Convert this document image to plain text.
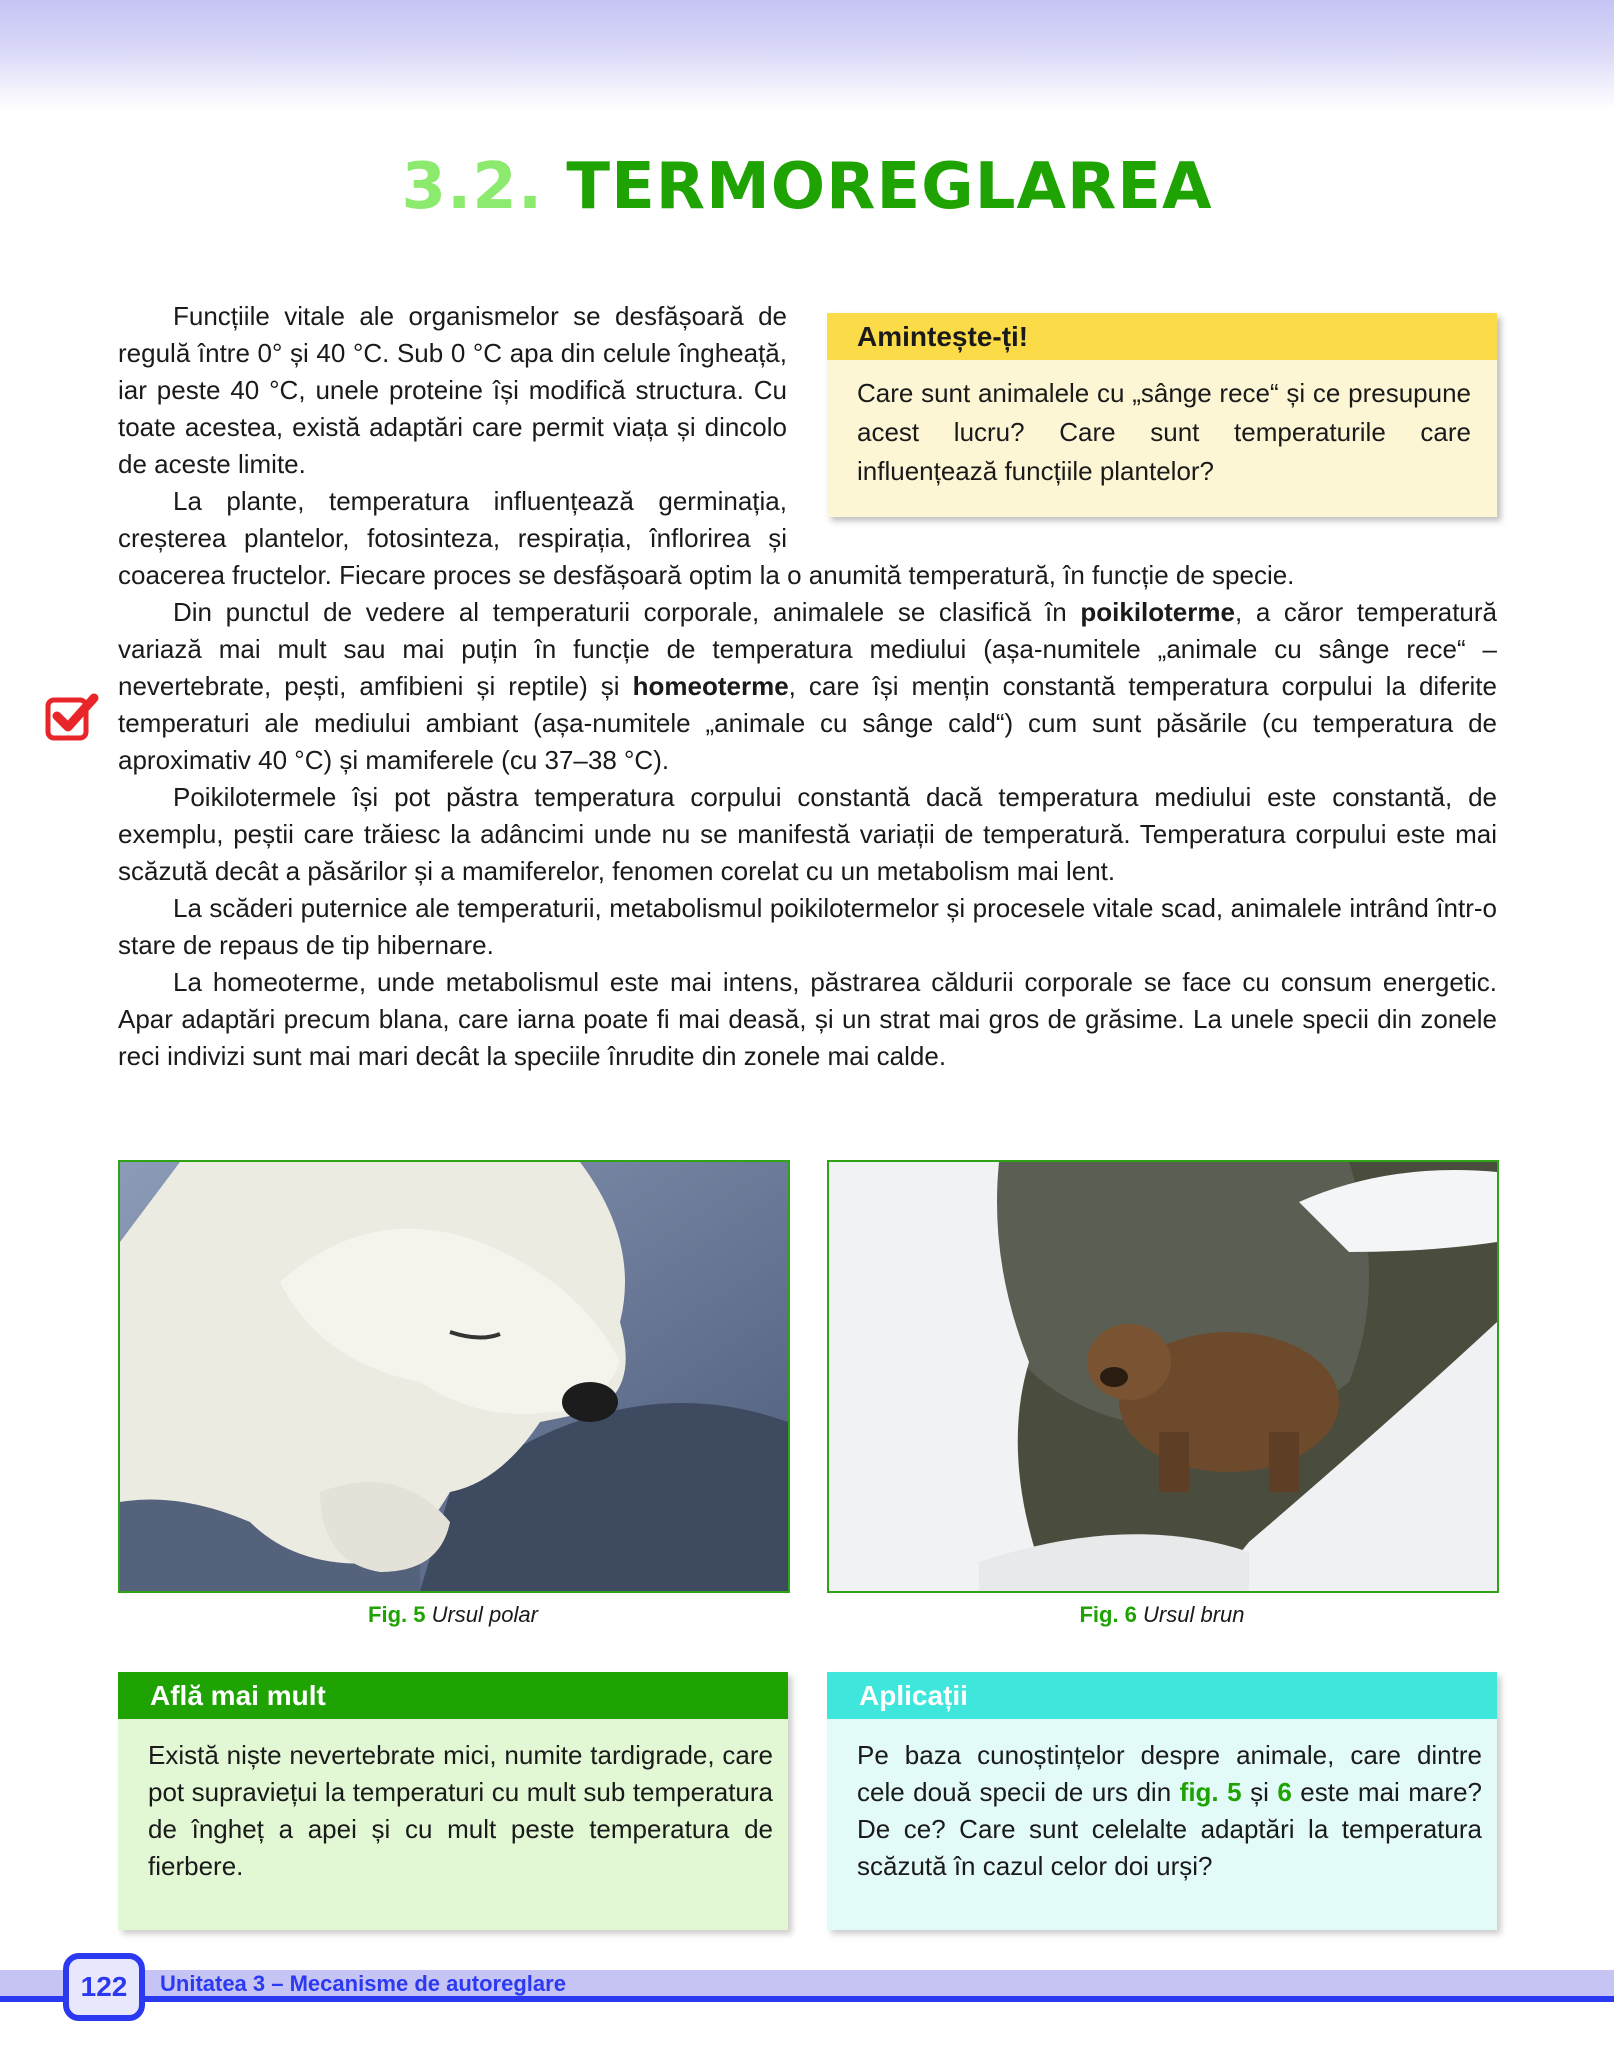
3.2. TERMOREGLAREA
Amintește-ți!
Care sunt animalele cu „sânge rece“ și ce presupune acest lucru? Care sunt temperaturile care influențează funcțiile plantelor?

Funcțiile vitale ale organismelor se desfășoară de regulă între 0° și 40 °C. Sub 0 °C apa din celule îngheață, iar peste 40 °C, unele proteine își modifică structura. Cu toate acestea, există adaptări care permit viața și dincolo de aceste limite.

La plante, temperatura influențează germinația, creșterea plantelor, fotosinteza, respirația, înflorirea și coacerea fructelor. Fiecare proces se desfășoară optim la o anumită temperatură, în funcție de specie.

Din punctul de vedere al temperaturii corporale, animalele se clasifică în poikiloterme, a căror temperatură variază mai mult sau mai puțin în funcție de temperatura mediului (așa-numitele „animale cu sânge rece“ – nevertebrate, pești, amfibieni și reptile) și homeoterme, care își mențin constantă temperatura corpului la diferite temperaturi ale mediului ambiant (așa-numitele „animale cu sânge cald“) cum sunt păsările (cu temperatura de aproximativ 40 °C) și mamiferele (cu 37–38 °C).

Poikilotermele își pot păstra temperatura corpului constantă dacă temperatura mediului este constantă, de exemplu, peștii care trăiesc la adâncimi unde nu se manifestă variații de temperatură. Temperatura corpului este mai scăzută decât a păsărilor și a mamiferelor, fenomen corelat cu un metabolism mai lent.

La scăderi puternice ale temperaturii, metabolismul poikilotermelor și procesele vitale scad, animalele intrând într-o stare de repaus de tip hibernare.

La homeoterme, unde metabolismul este mai intens, păstrarea căldurii corporale se face cu consum energetic. Apar adaptări precum blana, care iarna poate fi mai deasă, și un strat mai gros de grăsime. La unele specii din zonele reci indivizi sunt mai mari decât la speciile înrudite din zonele mai calde.

Fig. 5 Ursul polar	Fig. 6 Ursul brun
Află mai mult
Există niște nevertebrate mici, numite tardigrade, care pot supraviețui la temperaturi cu mult sub temperatura de îngheț a apei și cu mult peste temperatura de fierbere.
Aplicații
Pe baza cunoștințelor despre animale, care dintre cele două specii de urs din fig. 5 și 6 este mai mare? De ce? Care sunt celelalte adaptări la temperatura scăzută în cazul celor doi urși?
122	Unitatea 3 – Mecanisme de autoreglare
